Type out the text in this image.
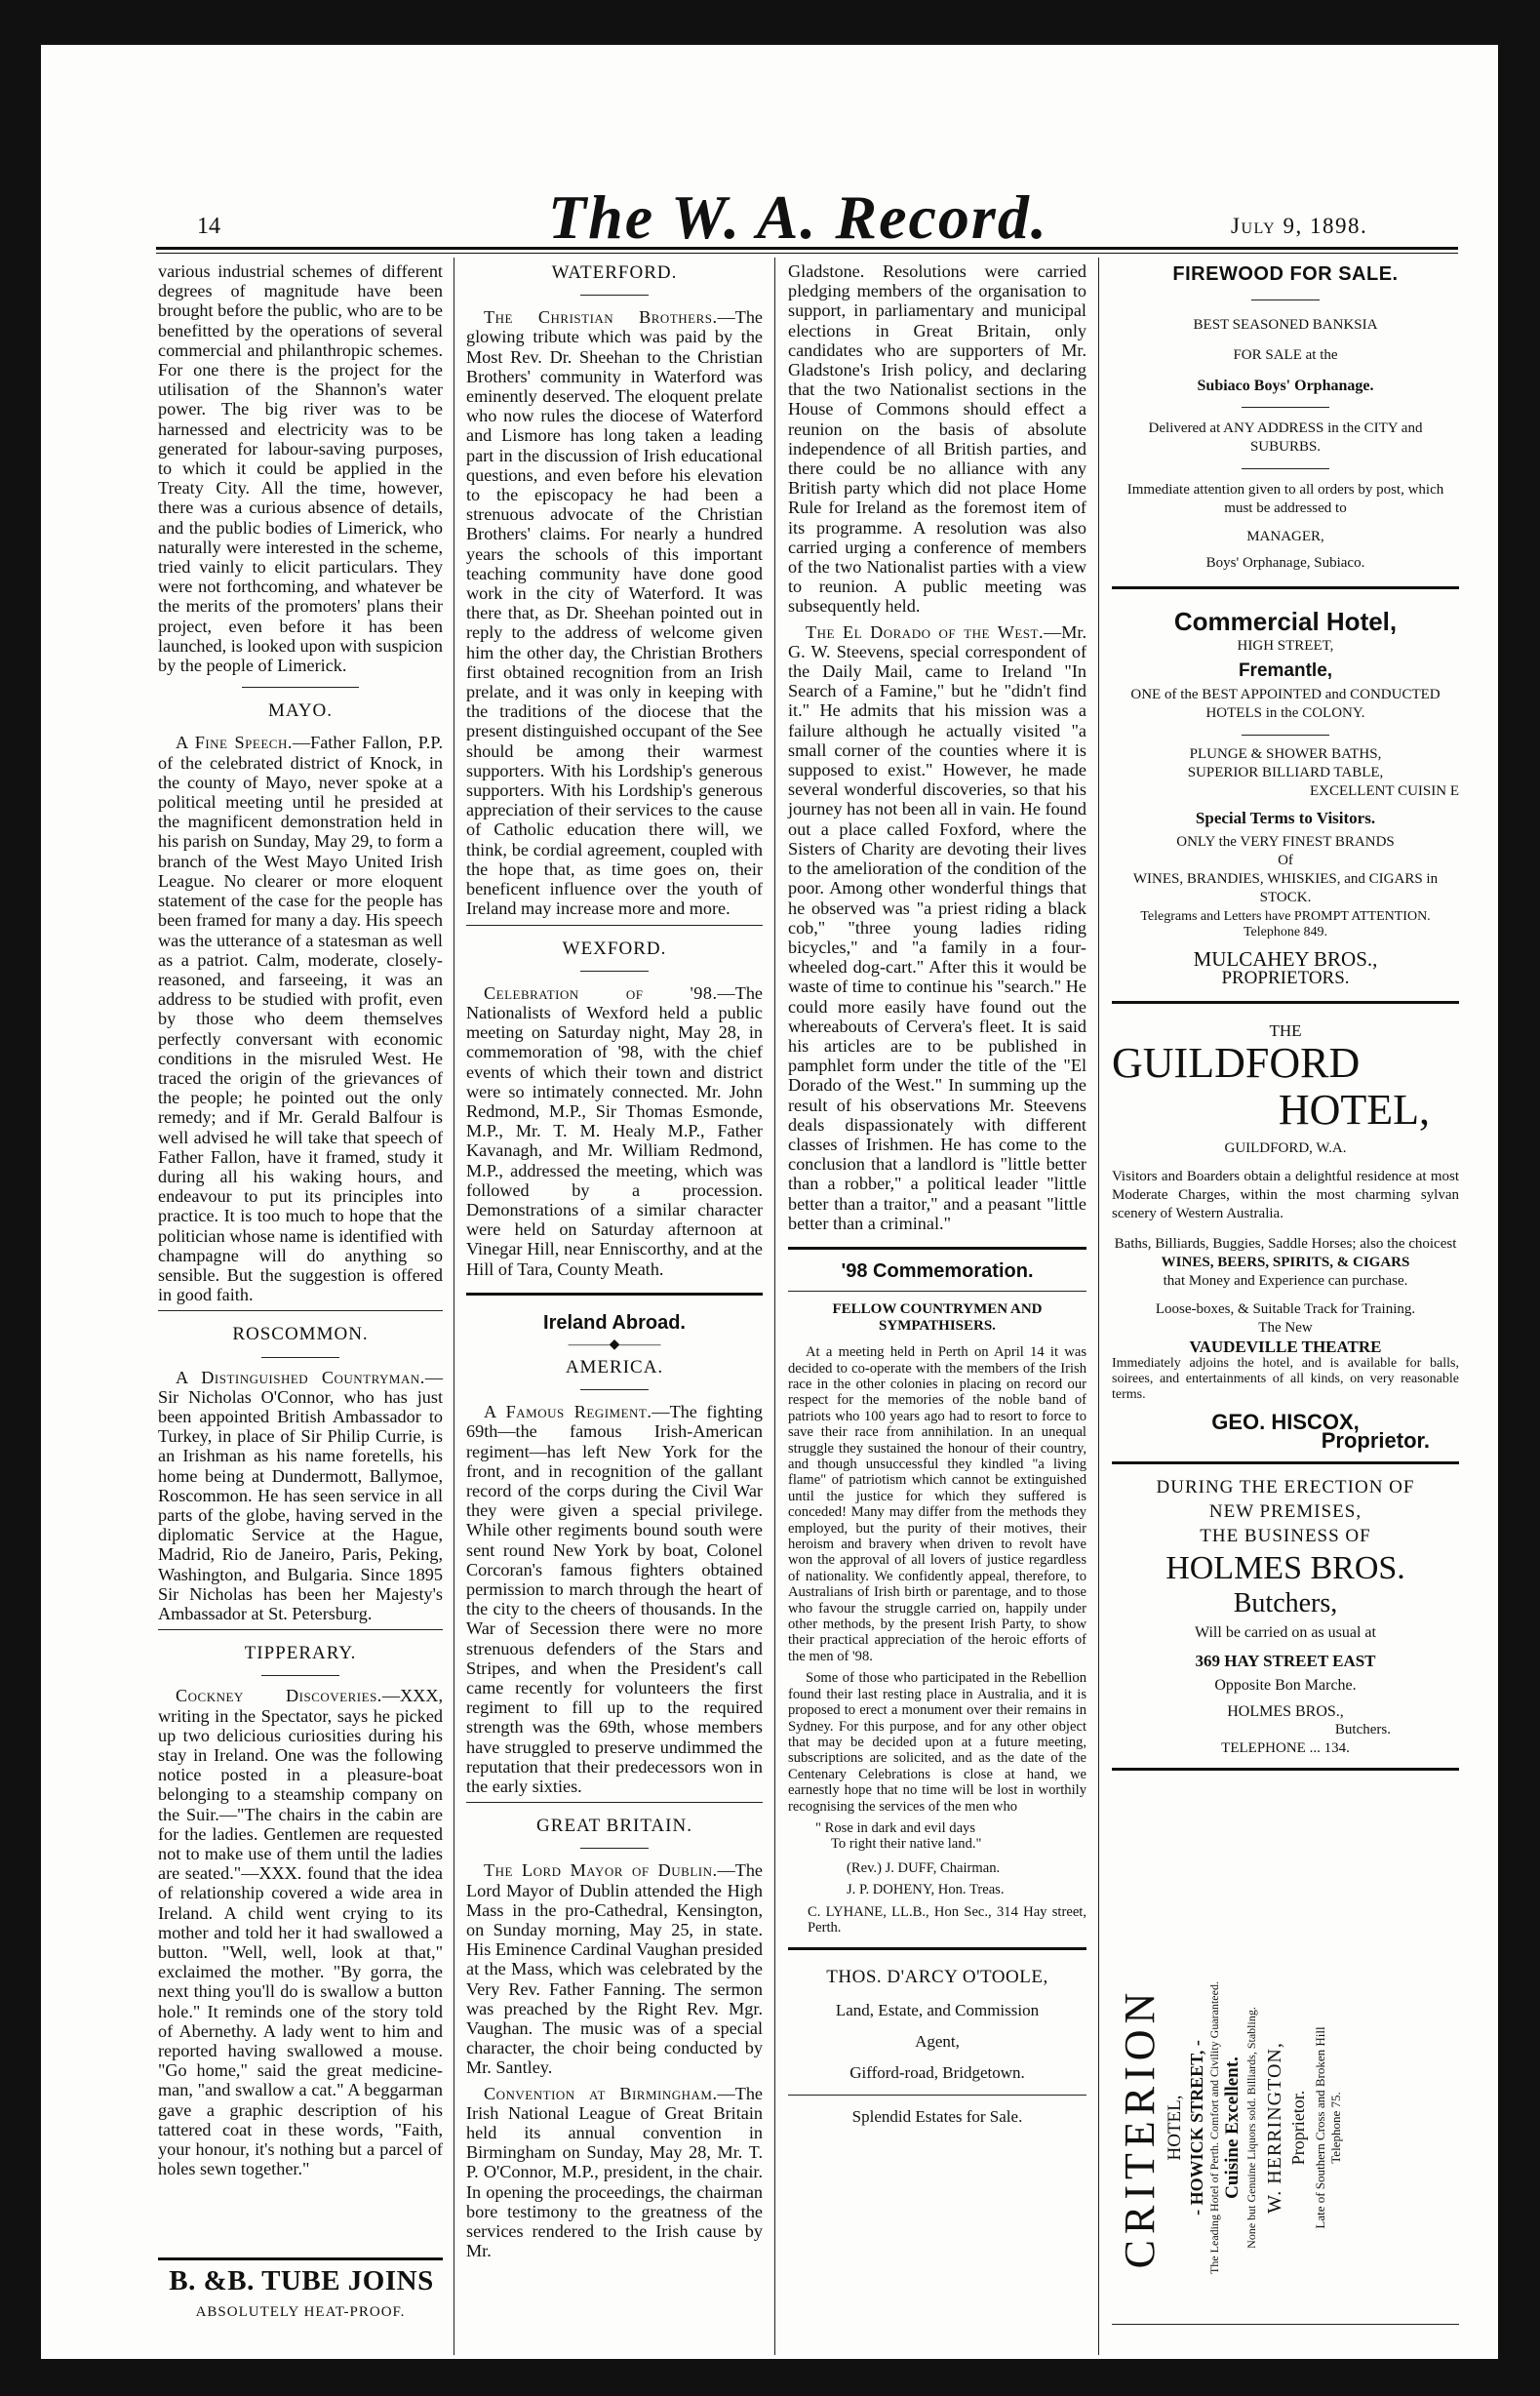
14	The W. A. Record.	July 9, 1898.

various industrial schemes of different degrees of magnitude have been brought before the public, who are to be benefitted by the operations of several commercial and philanthropic schemes. For one there is the project for the utilisation of the Shannon's water power. The big river was to be harnessed and electricity was to be generated for labour-saving purposes, to which it could be applied in the Treaty City. All the time, however, there was a curious absence of details, and the public bodies of Limerick, who naturally were interested in the scheme, tried vainly to elicit particulars. They were not forthcoming, and whatever be the merits of the promoters' plans their project, even before it has been launched, is looked upon with suspicion by the people of Limerick.

MAYO.

A Fine Speech.—Father Fallon, P.P. of the celebrated district of Knock, in the county of Mayo, never spoke at a political meeting until he presided at the magnificent demonstration held in his parish on Sunday, May 29, to form a branch of the West Mayo United Irish League. No clearer or more eloquent statement of the case for the people has been framed for many a day. His speech was the utterance of a statesman as well as a patriot. Calm, moderate, closely-reasoned, and farseeing, it was an address to be studied with profit, even by those who deem themselves perfectly conversant with economic conditions in the misruled West. He traced the origin of the grievances of the people; he pointed out the only remedy; and if Mr. Gerald Balfour is well advised he will take that speech of Father Fallon, have it framed, study it during all his waking hours, and endeavour to put its principles into practice. It is too much to hope that the politician whose name is identified with champagne will do anything so sensible. But the suggestion is offered in good faith.

ROSCOMMON.

A Distinguished Countryman.—Sir Nicholas O'Connor, who has just been appointed British Ambassador to Turkey, in place of Sir Philip Currie, is an Irishman as his name foretells, his home being at Dundermott, Ballymoe, Roscommon. He has seen service in all parts of the globe, having served in the diplomatic Service at the Hague, Madrid, Rio de Janeiro, Paris, Peking, Washington, and Bulgaria. Since 1895 Sir Nicholas has been her Majesty's Ambassador at St. Petersburg.

TIPPERARY.

Cockney Discoveries.—XXX, writing in the Spectator, says he picked up two delicious curiosities during his stay in Ireland. One was the following notice posted in a pleasure-boat belonging to a steamship company on the Suir.—"The chairs in the cabin are for the ladies. Gentlemen are requested not to make use of them until the ladies are seated."—XXX. found that the idea of relationship covered a wide area in Ireland. A child went crying to its mother and told her it had swallowed a button. "Well, well, look at that," exclaimed the mother. "By gorra, the next thing you'll do is swallow a button hole." It reminds one of the story told of Abernethy. A lady went to him and reported having swallowed a mouse. "Go home," said the great medicine-man, "and swallow a cat." A beggarman gave a graphic description of his tattered coat in these words, "Faith, your honour, it's nothing but a parcel of holes sewn together."

B. &B. TUBE JOINS
ABSOLUTELY HEAT-PROOF.
WATERFORD.

The Christian Brothers.—The glowing tribute which was paid by the Most Rev. Dr. Sheehan to the Christian Brothers' community in Waterford was eminently deserved. The eloquent prelate who now rules the diocese of Waterford and Lismore has long taken a leading part in the discussion of Irish educational questions, and even before his elevation to the episcopacy he had been a strenuous advocate of the Christian Brothers' claims. For nearly a hundred years the schools of this important teaching community have done good work in the city of Waterford. It was there that, as Dr. Sheehan pointed out in reply to the address of welcome given him the other day, the Christian Brothers first obtained recognition from an Irish prelate, and it was only in keeping with the traditions of the diocese that the present distinguished occupant of the See should be among their warmest supporters. With his Lordship's generous supporters. With his Lordship's generous appreciation of their services to the cause of Catholic education there will, we think, be cordial agreement, coupled with the hope that, as time goes on, their beneficent influence over the youth of Ireland may increase more and more.

WEXFORD.

Celebration of '98.—The Nationalists of Wexford held a public meeting on Saturday night, May 28, in commemoration of '98, with the chief events of which their town and district were so intimately connected. Mr. John Redmond, M.P., Sir Thomas Esmonde, M.P., Mr. T. M. Healy M.P., Father Kavanagh, and Mr. William Redmond, M.P., addressed the meeting, which was followed by a procession. Demonstrations of a similar character were held on Saturday afternoon at Vinegar Hill, near Enniscorthy, and at the Hill of Tara, County Meath.

Ireland Abroad.
―――◆―――
AMERICA.

A Famous Regiment.—The fighting 69th—the famous Irish-American regiment—has left New York for the front, and in recognition of the gallant record of the corps during the Civil War they were given a special privilege. While other regiments bound south were sent round New York by boat, Colonel Corcoran's famous fighters obtained permission to march through the heart of the city to the cheers of thousands. In the War of Secession there were no more strenuous defenders of the Stars and Stripes, and when the President's call came recently for volunteers the first regiment to fill up to the required strength was the 69th, whose members have struggled to preserve undimmed the reputation that their predecessors won in the early sixties.

GREAT BRITAIN.

The Lord Mayor of Dublin.—The Lord Mayor of Dublin attended the High Mass in the pro-Cathedral, Kensington, on Sunday morning, May 25, in state. His Eminence Cardinal Vaughan presided at the Mass, which was celebrated by the Very Rev. Father Fanning. The sermon was preached by the Right Rev. Mgr. Vaughan. The music was of a special character, the choir being conducted by Mr. Santley.

Convention at Birmingham.—The Irish National League of Great Britain held its annual convention in Birmingham on Sunday, May 28, Mr. T. P. O'Connor, M.P., president, in the chair. In opening the proceedings, the chairman bore testimony to the greatness of the services rendered to the Irish cause by Mr.

Gladstone. Resolutions were carried pledging members of the organisation to support, in parliamentary and municipal elections in Great Britain, only candidates who are supporters of Mr. Gladstone's Irish policy, and declaring that the two Nationalist sections in the House of Commons should effect a reunion on the basis of absolute independence of all British parties, and there could be no alliance with any British party which did not place Home Rule for Ireland as the foremost item of its programme. A resolution was also carried urging a conference of members of the two Nationalist parties with a view to reunion. A public meeting was subsequently held.

The El Dorado of the West.—Mr. G. W. Steevens, special correspondent of the Daily Mail, came to Ireland "In Search of a Famine," but he "didn't find it." He admits that his mission was a failure although he actually visited "a small corner of the counties where it is supposed to exist." However, he made several wonderful discoveries, so that his journey has not been all in vain. He found out a place called Foxford, where the Sisters of Charity are devoting their lives to the amelioration of the condition of the poor. Among other wonderful things that he observed was "a priest riding a black cob," "three young ladies riding bicycles," and "a family in a four-wheeled dog-cart." After this it would be waste of time to continue his "search." He could more easily have found out the whereabouts of Cervera's fleet. It is said his articles are to be published in pamphlet form under the title of the "El Dorado of the West." In summing up the result of his observations Mr. Steevens deals dispassionately with different classes of Irishmen. He has come to the conclusion that a landlord is "little better than a robber," a political leader "little better than a traitor," and a peasant "little better than a criminal."

'98 Commemoration.
FELLOW COUNTRYMEN AND SYMPATHISERS.

At a meeting held in Perth on April 14 it was decided to co-operate with the members of the Irish race in the other colonies in placing on record our respect for the memories of the noble band of patriots who 100 years ago had to resort to force to save their race from annihilation. In an unequal struggle they sustained the honour of their country, and though unsuccessful they kindled "a living flame" of patriotism which cannot be extinguished until the justice for which they suffered is conceded! Many may differ from the methods they employed, but the purity of their motives, their heroism and bravery when driven to revolt have won the approval of all lovers of justice regardless of nationality. We confidently appeal, therefore, to Australians of Irish birth or parentage, and to those who favour the struggle carried on, happily under other methods, by the present Irish Party, to show their practical appreciation of the heroic efforts of the men of '98.

Some of those who participated in the Rebellion found their last resting place in Australia, and it is proposed to erect a monument over their remains in Sydney. For this purpose, and for any other object that may be decided upon at a future meeting, subscriptions are solicited, and as the date of the Centenary Celebrations is close at hand, we earnestly hope that no time will be lost in worthily recognising the services of the men who

" Rose in dark and evil days
To right their native land."
(Rev.) J. DUFF, Chairman.
J. P. DOHENY, Hon. Treas.
C. LYHANE, LL.B., Hon Sec., 314 Hay street, Perth.
THOS. D'ARCY O'TOOLE,
Land, Estate, and Commission
Agent,
Gifford-road, Bridgetown.
Splendid Estates for Sale.
FIREWOOD FOR SALE.

BEST SEASONED BANKSIA

FOR SALE at the

Subiaco Boys' Orphanage.

Delivered at ANY ADDRESS in the CITY and SUBURBS.

Immediate attention given to all orders by post, which must be addressed to

MANAGER,

Boys' Orphanage, Subiaco.

Commercial Hotel,

HIGH STREET,

Fremantle,

ONE of the BEST APPOINTED and CONDUCTED HOTELS in the COLONY.

PLUNGE & SHOWER BATHS,

SUPERIOR BILLIARD TABLE,

EXCELLENT CUISIN E

Special Terms to Visitors.

ONLY the VERY FINEST BRANDS

Of

WINES, BRANDIES, WHISKIES, and CIGARS in STOCK.

Telegrams and Letters have PROMPT ATTENTION. Telephone 849.

MULCAHEY BROS.,

PROPRIETORS.

THE

GUILDFORD

HOTEL,

GUILDFORD, W.A.

Visitors and Boarders obtain a delightful residence at most Moderate Charges, within the most charming sylvan scenery of Western Australia.

Baths, Billiards, Buggies, Saddle Horses; also the choicest

WINES, BEERS, SPIRITS, & CIGARS

that Money and Experience can purchase.

Loose-boxes, & Suitable Track for Training.

The New

VAUDEVILLE THEATRE

Immediately adjoins the hotel, and is available for balls, soirees, and entertainments of all kinds, on very reasonable terms.

GEO. HISCOX,

Proprietor.

DURING THE ERECTION OF

NEW PREMISES,

THE BUSINESS OF

HOLMES BROS.

Butchers,

Will be carried on as usual at

369 HAY STREET EAST

Opposite Bon Marche.

HOLMES BROS.,

Butchers.

TELEPHONE ... 134.

CRITERION HOTEL, - HOWICK STREET, - The Leading Hotel of Perth. Comfort and Civility Guaranteed. Cuisine Excellent. None but Genuine Liquors sold. Billiards, Stabling. W. HERRINGTON, Proprietor. Late of Southern Cross and Broken Hill Telephone 75.
